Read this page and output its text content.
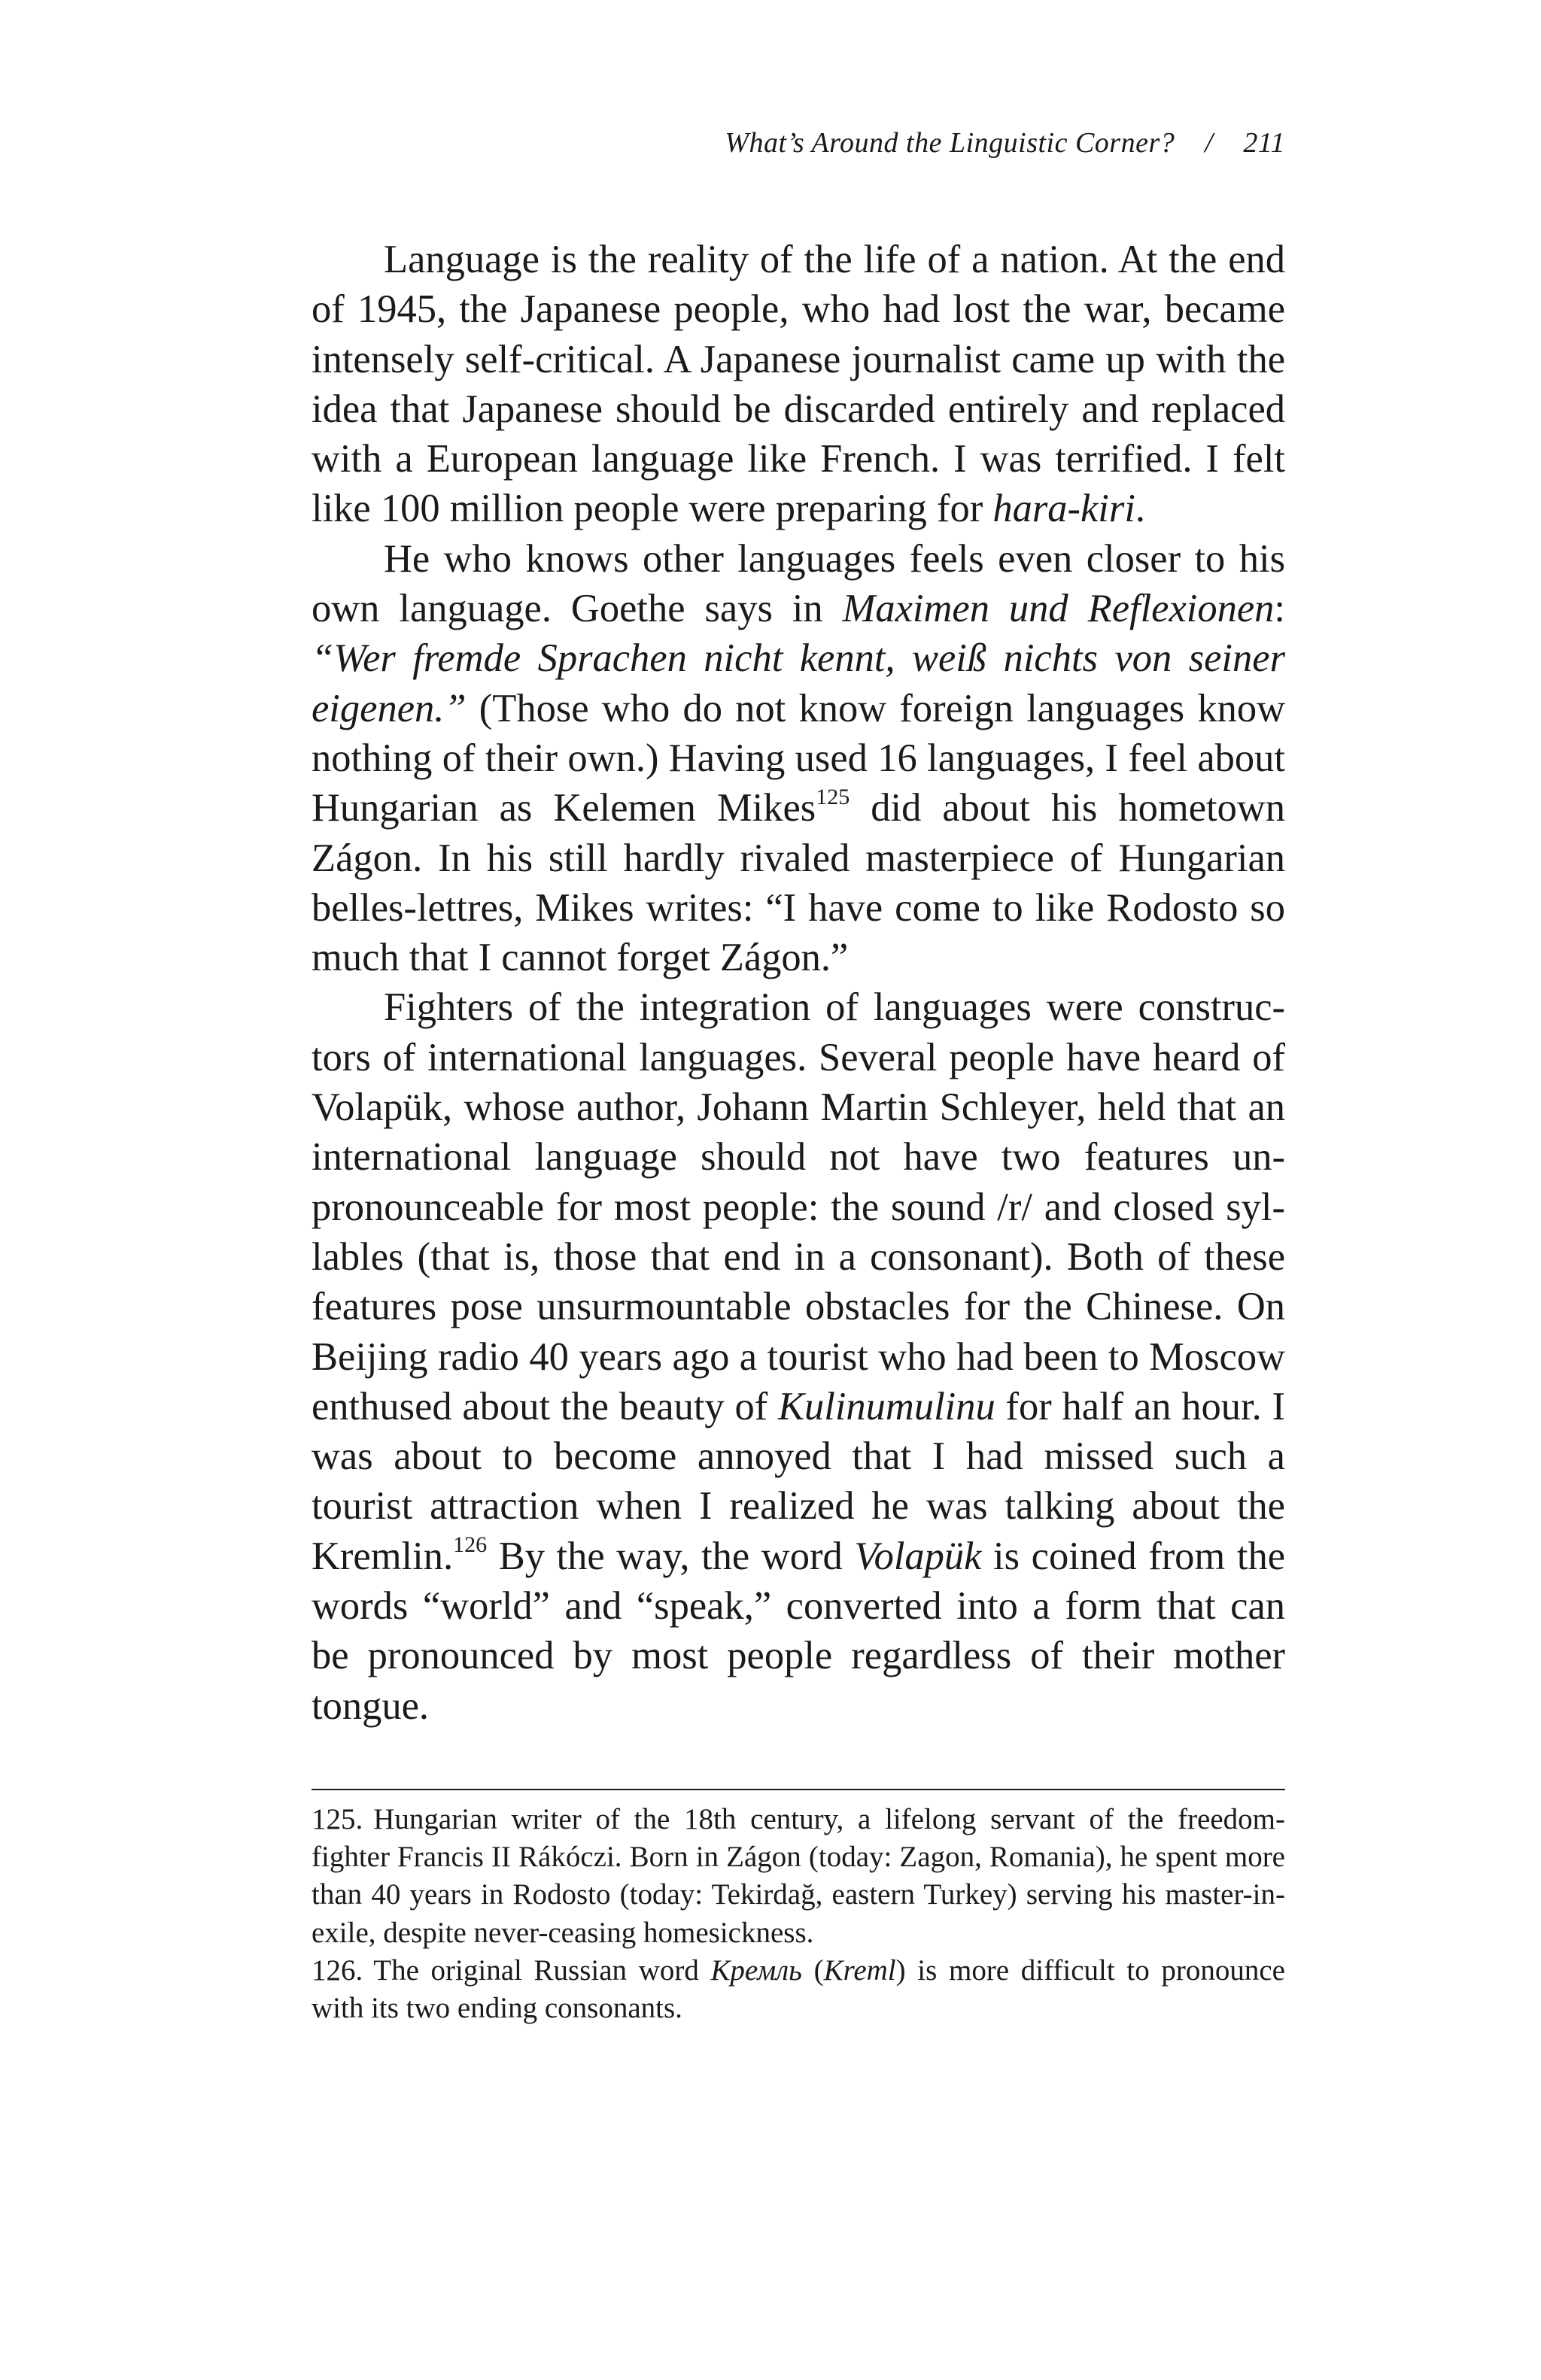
What’s Around the Linguistic Corner? / 211

Language is the reality of the life of a nation. At the end of 1945, the Japanese people, who had lost the war, became intensely self-critical. A Japanese journalist came up with the idea that Japanese should be discarded entirely and replaced with a European language like French. I was terrified. I felt like 100 million people were preparing for hara-kiri.

He who knows other languages feels even closer to his own language. Goethe says in Maximen und Reflexionen: “Wer fremde Sprachen nicht kennt, weiß nichts von seiner eigenen.” (Those who do not know foreign languages know nothing of their own.) Having used 16 languages, I feel about Hungarian as Kelemen Mikes$^{125}$ did about his hometown Zágon. In his still hardly rivaled masterpiece of Hungarian belles-lettres, Mikes writes: “I have come to like Rodosto so much that I cannot forget Zágon.”

Fighters of the integration of languages were constructors of international languages. Several people have heard of Volapük, whose author, Johann Martin Schleyer, held that an international language should not have two features unpronounceable for most people: the sound /r/ and closed syllables (that is, those that end in a consonant). Both of these features pose unsurmountable obstacles for the Chinese. On Beijing radio 40 years ago a tourist who had been to Moscow enthused about the beauty of Kulinumulinu for half an hour. I was about to become annoyed that I had missed such a tourist attraction when I realized he was talking about the Kremlin.$^{126}$ By the way, the word Volapük is coined from the words “world” and “speak,” converted into a form that can be pronounced by most people regardless of their mother tongue.

125. Hungarian writer of the 18th century, a lifelong servant of the freedom-fighter Francis II Rákóczi. Born in Zágon (today: Zagon, Romania), he spent more than 40 years in Rodosto (today: Tekirdağ, eastern Turkey) serving his master-in-exile, despite never-ceasing homesickness.

126. The original Russian word Кремль (Kreml) is more difficult to pronounce with its two ending consonants.
